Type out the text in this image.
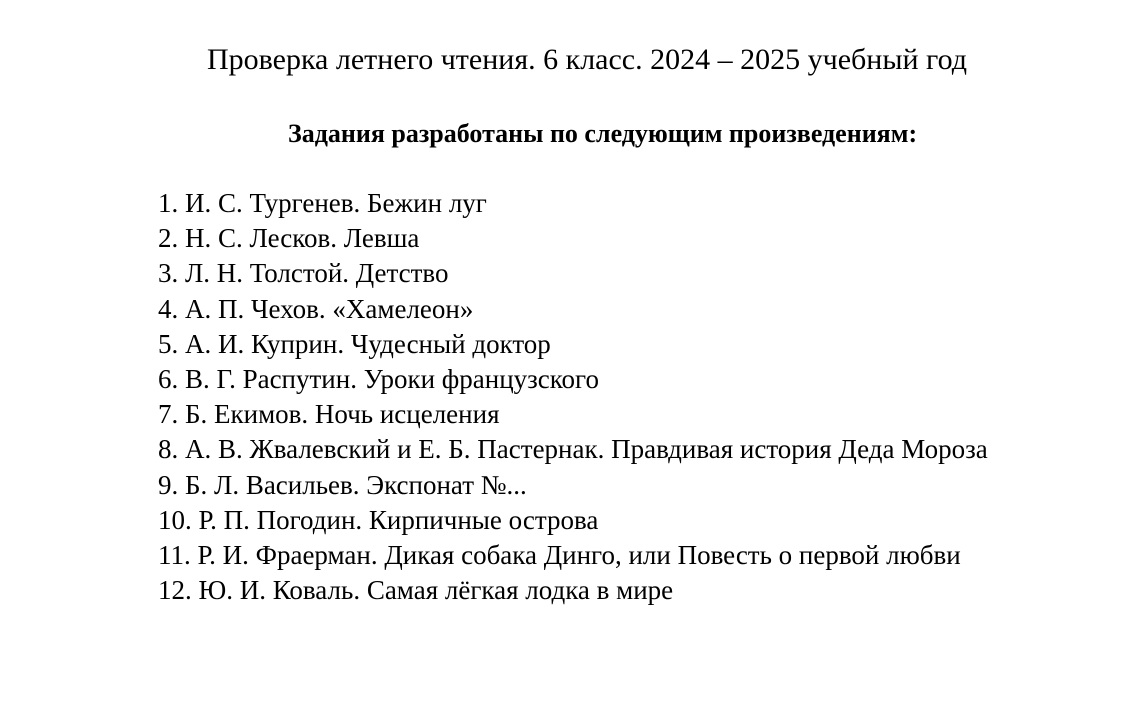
Проверка летнего чтения. 6 класс. 2024 – 2025 учебный год
Задания разработаны по следующим произведениям:
1. И. С. Тургенев. Бежин луг
2. Н. С. Лесков. Левша
3. Л. Н. Толстой. Детство
4. А. П. Чехов. «Хамелеон»
5. А. И. Куприн. Чудесный доктор
6. В. Г. Распутин. Уроки французского
7. Б. Екимов. Ночь исцеления
8. А. В. Жвалевский и Е. Б. Пастернак. Правдивая история Деда Мороза
9. Б. Л. Васильев. Экспонат №...
10. Р. П. Погодин. Кирпичные острова
11. Р. И. Фраерман. Дикая собака Динго, или Повесть о первой любви
12. Ю. И. Коваль. Самая лёгкая лодка в мире
